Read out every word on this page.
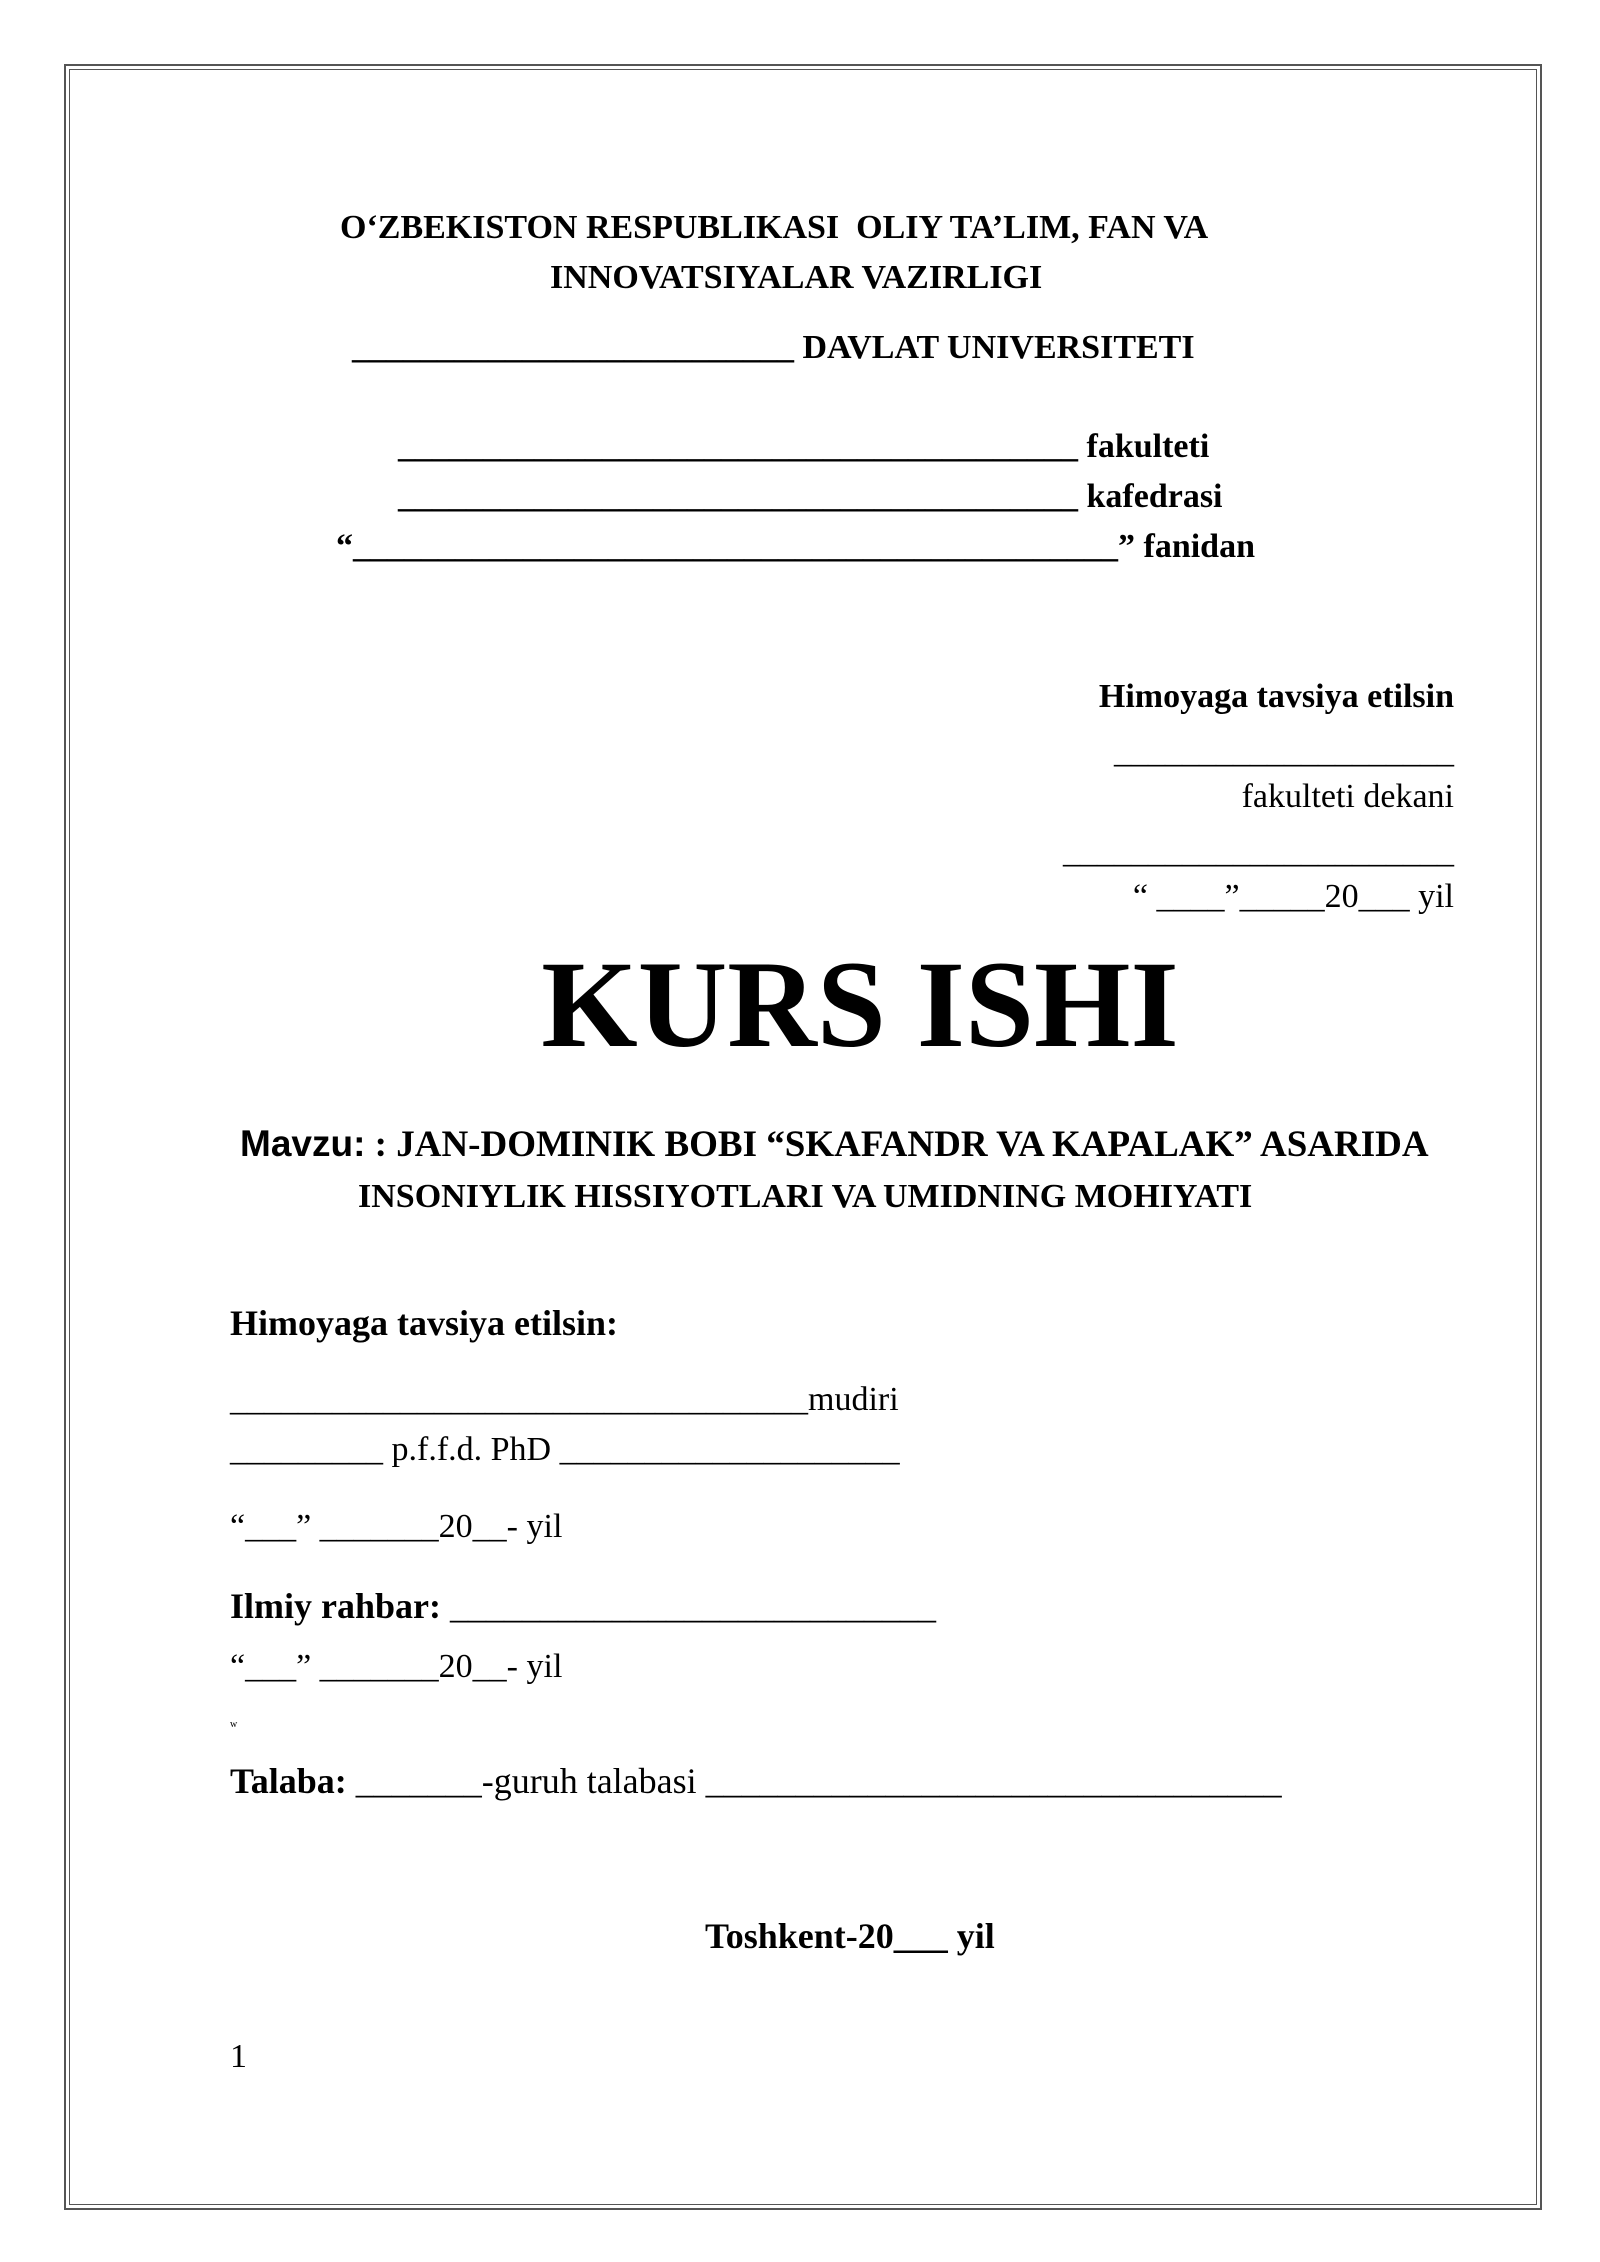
O‘ZBEKISTON RESPUBLIKASI  OLIY TA’LIM, FAN VA
INNOVATSIYALAR VAZIRLIGI
__________________________ DAVLAT UNIVERSITETI
________________________________________ fakulteti
________________________________________ kafedrasi
“_____________________________________________” fanidan
Himoyaga tavsiya etilsin
____________________
fakulteti dekani
_______________________
“ ____”_____20___ yil
KURS ISHI
Mavzu: : JAN-DOMINIK BOBI “SKAFANDR VA KAPALAK” ASARIDA
INSONIYLIK HISSIYOTLARI VA UMIDNING MOHIYATI
Himoyaga tavsiya etilsin:
__________________________________mudiri
_________ p.f.f.d. PhD ____________________
“___” _______20__- yil
Ilmiy rahbar: ___________________________
“___” _______20__- yil
w
Talaba: _______-guruh talabasi ________________________________
Toshkent-20___ yil
1
